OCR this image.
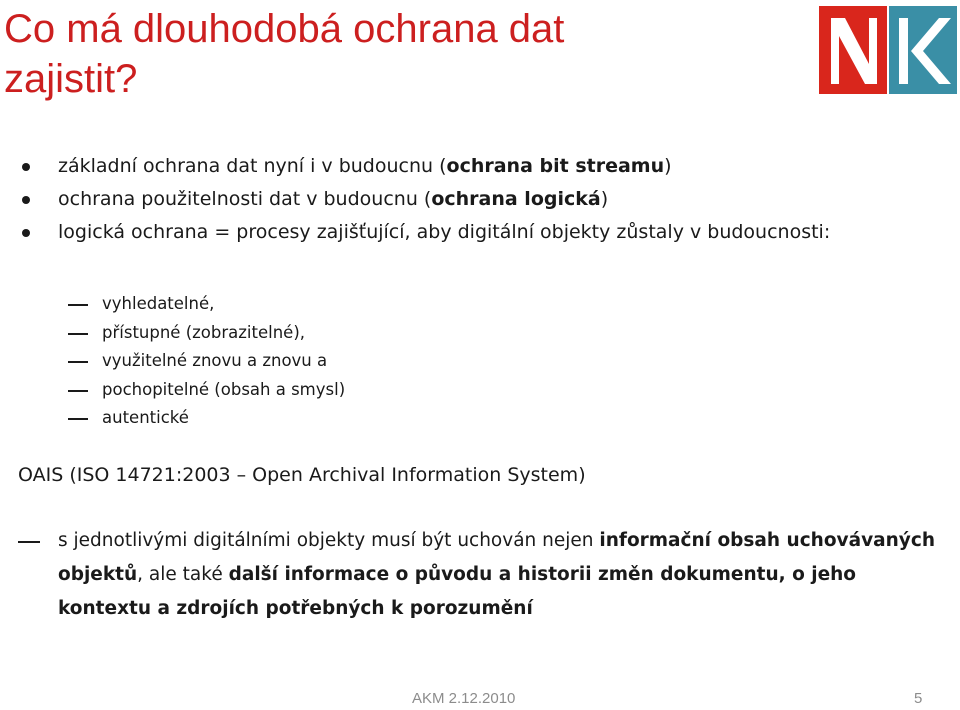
Co má dlouhodobá ochrana dat
zajistit?
základní ochrana dat nyní i v budoucnu (ochrana bit streamu)
ochrana použitelnosti dat v budoucnu (ochrana logická)
logická ochrana = procesy zajišťující, aby digitální objekty zůstaly v budoucnosti:
vyhledatelné,
přístupné (zobrazitelné),
využitelné znovu a znovu a
pochopitelné (obsah a smysl)
autentické

OAIS (ISO 14721:2003 – Open Archival Information System)

s jednotlivými digitálními objekty musí být uchován nejen informační obsah uchovávaných objektů, ale také další informace o původu a historii změn dokumentu, o jeho kontextu a zdrojích potřebných k porozumění

AKM 2.12.2010	5
